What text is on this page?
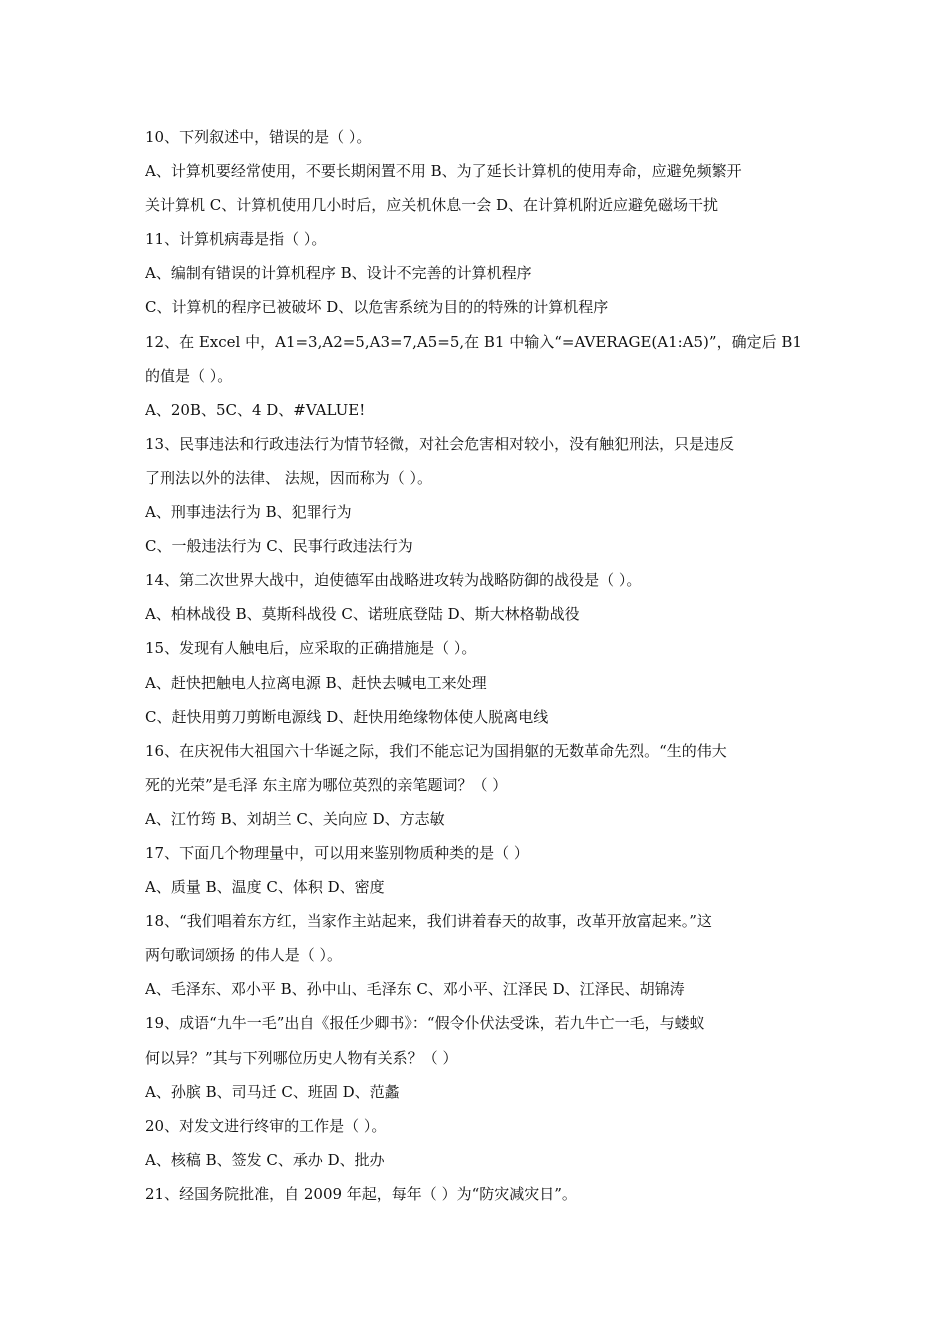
10、下列叙述中，错误的是（ ）。
A、计算机要经常使用，不要长期闲置不用 B、为了延长计算机的使用寿命，应避免频繁开
关计算机 C、计算机使用几小时后，应关机休息一会 D、在计算机附近应避免磁场干扰
11、计算机病毒是指（ ）。
A、编制有错误的计算机程序 B、设计不完善的计算机程序
C、计算机的程序已被破坏 D、以危害系统为目的的特殊的计算机程序
12、在 Excel 中，A1=3,A2=5,A3=7,A5=5,在 B1 中输入“=AVERAGE(A1:A5)”，确定后 B1
的值是（ ）。
A、20B、5C、4 D、#VALUE!
13、民事违法和行政违法行为情节轻微，对社会危害相对较小，没有触犯刑法，只是违反
了刑法以外的法律、 法规，因而称为（ ）。
A、刑事违法行为 B、犯罪行为
C、一般违法行为 C、民事行政违法行为
14、第二次世界大战中，迫使德军由战略进攻转为战略防御的战役是（ ）。
A、柏林战役 B、莫斯科战役 C、诺班底登陆 D、斯大林格勒战役
15、发现有人触电后，应采取的正确措施是（ ）。
A、赶快把触电人拉离电源 B、赶快去喊电工来处理
C、赶快用剪刀剪断电源线 D、赶快用绝缘物体使人脱离电线
16、在庆祝伟大祖国六十华诞之际，我们不能忘记为国捐躯的无数革命先烈。“生的伟大
死的光荣”是毛泽 东主席为哪位英烈的亲笔题词？（ ）
A、江竹筠 B、刘胡兰 C、关向应 D、方志敏
17、下面几个物理量中，可以用来鉴别物质种类的是（ ）
A、质量 B、温度 C、体积 D、密度
18、“我们唱着东方红，当家作主站起来，我们讲着春天的故事，改革开放富起来。”这
两句歌词颂扬 的伟人是（ ）。
A、毛泽东、邓小平 B、孙中山、毛泽东 C、邓小平、江泽民 D、江泽民、胡锦涛
19、成语“九牛一毛”出自《报任少卿书》：“假令仆伏法受诛，若九牛亡一毛，与蝼蚁
何以异？”其与下列哪位历史人物有关系？（ ）
A、孙膑 B、司马迁 C、班固 D、范蠡
20、对发文进行终审的工作是（ ）。
A、核稿 B、签发 C、承办 D、批办
21、经国务院批准，自 2009 年起，每年（ ）为“防灾减灾日”。
